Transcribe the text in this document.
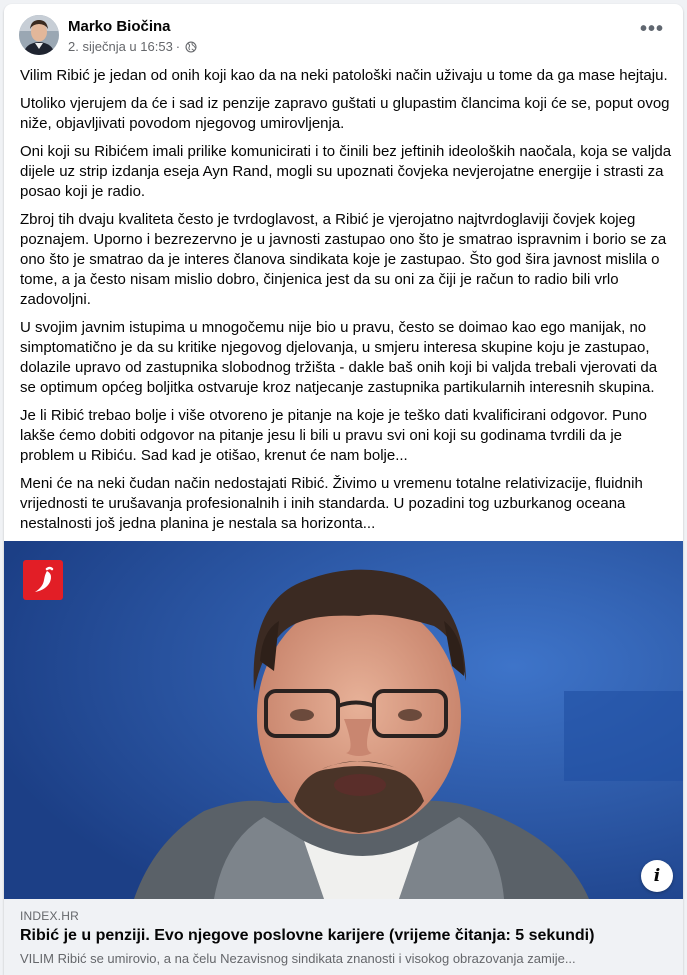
Marko Biočina
2. siječnja u 16:53 ·
•••

Vilim Ribić je jedan od onih koji kao da na neki patološki način uživaju u tome da ga mase hejtaju.

Utoliko vjerujem da će i sad iz penzije zapravo guštati u glupastim člancima koji će se, poput ovog niže, objavljivati povodom njegovog umirovljenja.

Oni koji su Ribićem imali prilike komunicirati i to činili bez jeftinih ideoloških naočala, koja se valjda dijele uz strip izdanja eseja Ayn Rand, mogli su upoznati čovjeka nevjerojatne energije i strasti za posao koji je radio.

Zbroj tih dvaju kvaliteta često je tvrdoglavost, a Ribić je vjerojatno najtvrdoglaviji čovjek kojeg poznajem. Uporno i bezrezervno je u javnosti zastupao ono što je smatrao ispravnim i borio se za ono što je smatrao da je interes članova sindikata koje je zastupao. Što god šira javnost mislila o tome, a ja često nisam mislio dobro, činjenica jest da su oni za čiji je račun to radio bili vrlo zadovoljni.

U svojim javnim istupima u mnogočemu nije bio u pravu, često se doimao kao ego manijak, no simptomatično je da su kritike njegovog djelovanja, u smjeru interesa skupine koju je zastupao, dolazile upravo od zastupnika slobodnog tržišta - dakle baš onih koji bi valjda trebali vjerovati da se optimum općeg boljitka ostvaruje kroz natjecanje zastupnika partikularnih interesnih skupina.

Je li Ribić trebao bolje i više otvoreno je pitanje na koje je teško dati kvalificirani odgovor. Puno lakše ćemo dobiti odgovor na pitanje jesu li bili u pravu svi oni koji su godinama tvrdili da je problem u Ribiću. Sad kad je otišao, krenut će nam bolje...

Meni će na neki čudan način nedostajati Ribić. Živimo u vremenu totalne relativizacije, fluidnih vrijednosti te urušavanja profesionalnih i inih standarda. U pozadini tog uzburkanog oceana nestalnosti još jedna planina je nestala sa horizonta...

i
INDEX.HR
Ribić je u penziji. Evo njegove poslovne karijere (vrijeme čitanja: 5 sekundi)
VILIM Ribić se umirovio, a na čelu Nezavisnog sindikata znanosti i visokog obrazovanja zamije...
